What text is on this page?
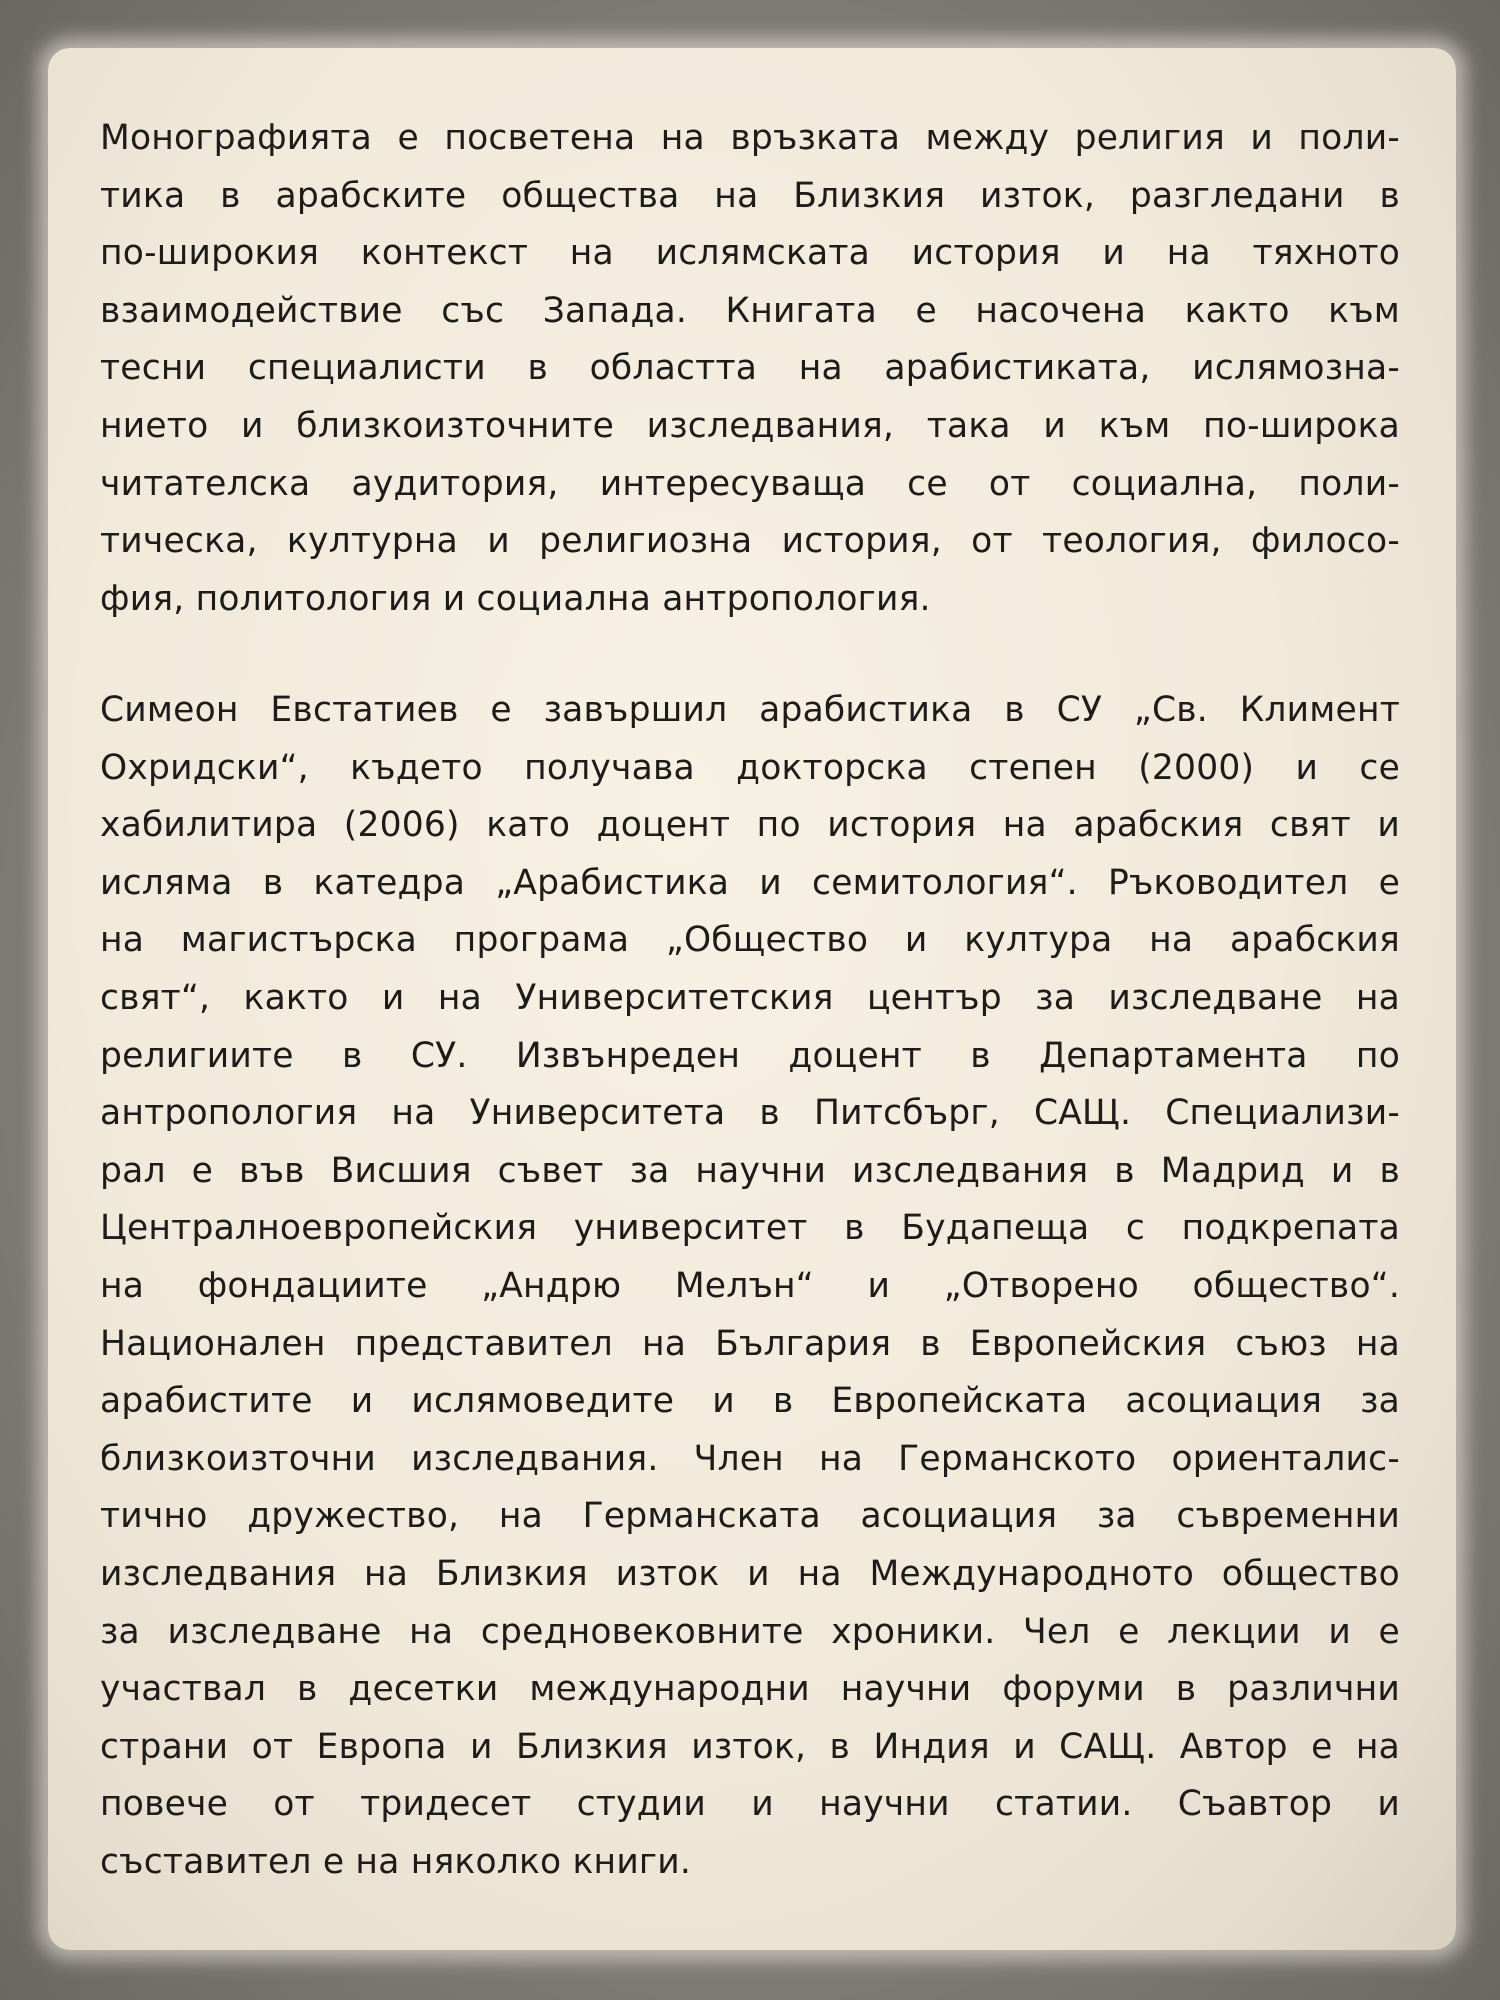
Монографията е посветена на връзката между религия и поли-
тика в арабските общества на Близкия изток, разгледани в
по-широкия контекст на ислямската история и на тяхното
взаимодействие със Запада. Книгата е насочена както към
тесни специалисти в областта на арабистиката, ислямозна-
нието и близкоизточните изследвания, така и към по-широка
читателска аудитория, интересуваща се от социална, поли-
тическа, културна и религиозна история, от теология, филосо-
фия, политология и социална антропология.
Симеон Евстатиев е завършил арабистика в СУ „Св. Климент
Охридски“, където получава докторска степен (2000) и се
хабилитира (2006) като доцент по история на арабския свят и
исляма в катедра „Арабистика и семитология“. Ръководител е
на магистърска програма „Общество и култура на арабския
свят“, както и на Университетския център за изследване на
религиите в СУ. Извънреден доцент в Департамента по
антропология на Университета в Питсбърг, САЩ. Специализи-
рал е във Висшия съвет за научни изследвания в Мадрид и в
Централноевропейския университет в Будапеща с подкрепата
на фондациите „Андрю Мелън“ и „Отворено общество“.
Национален представител на България в Европейския съюз на
арабистите и ислямоведите и в Европейската асоциация за
близкоизточни изследвания. Член на Германското ориенталис-
тично дружество, на Германската асоциация за съвременни
изследвания на Близкия изток и на Международното общество
за изследване на средновековните хроники. Чел е лекции и е
участвал в десетки международни научни форуми в различни
страни от Европа и Близкия изток, в Индия и САЩ. Автор е на
повече от тридесет студии и научни статии. Съавтор и
съставител е на няколко книги.
